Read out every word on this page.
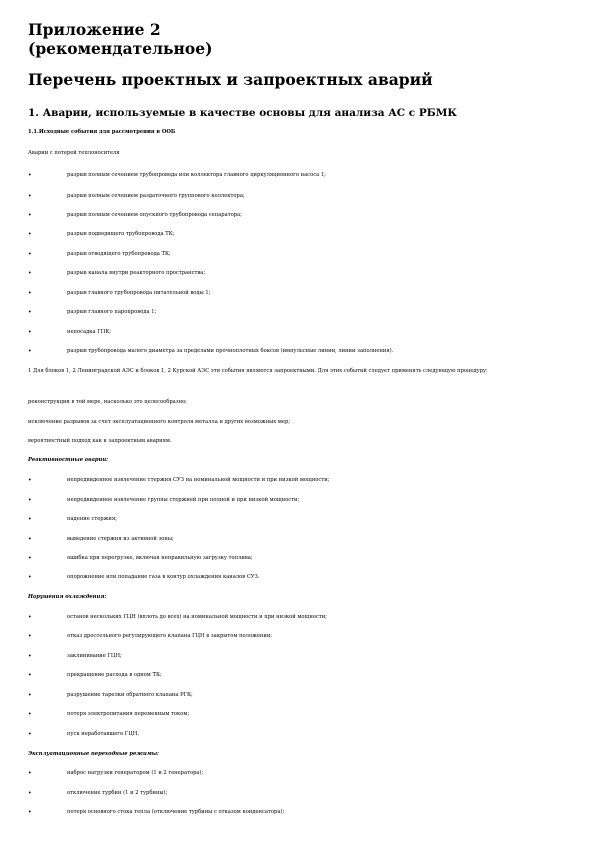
Приложение 2
(рекомендательное)
Перечень проектных и запроектных аварий
1. Аварии, используемые в качестве основы для анализа АС с РБМК
1.1.Исходные события для рассмотрения в ООБ
Аварии с потерей теплоносителя
•	разрыв полным сечением трубопровода или коллектора главного циркуляционного насоса 1;
•	разрыв полным сечением раздаточного группового коллектора;
•	разрыв полным сечением опускного трубопровода сепаратора;
•	разрыв подводящего трубопровода ТК;
•	разрыв отводящего трубопровода ТК;
•	разрыв канала внутри реакторного пространства;
•	разрыв главного трубопровода питательной воды 1;
•	разрыв главного паропровода 1;
•	непосадка ГПК;
•	разрыв трубопровода малого диаметра за пределами прочноплотных боксов (импульсные линии, линии заполнения).
1 Для блоков 1, 2 Ленинградской АЭС и блоков 1, 2 Курской АЭС эти события являются запроектными. Для этих событий следует применять следующую процедуру:
реконструкция в той мере, насколько это целесообразно;
исключение разрывов за счет эксплуатационного контроля металла и других возможных мер;
вероятностный подход как к запроектным авариям.
Реактивностные аварии:
•	непредвиденное извлечение стержня СУЗ на номинальной мощности и при низкой мощности;
•	непредвиденное извлечение группы стержней при полной и при низкой мощности;
•	падение стержня;
•	выведение стержня из активной зоны;
•	ошибка при перегрузке, включая неправильную загрузку топлива;
•	опорожнение или попадание газа в контур охлаждения каналов СУЗ.
Нарушения охлаждения:
•	останов нескольких ГЦН (вплоть до всех) на номинальной мощности и при низкой мощности;
•	отказ дроссельного регулирующего клапана ГЦН в закрытом положении;
•	заклинивание ГЦН;
•	прекращение расхода в одном ТК;
•	разрушение тарелки обратного клапана РГК;
•	потеря электропитания переменным током;
•	пуск неработавшего ГЦН.
Эксплуатационные переходные режимы:
•	наброс нагрузки генератором (1 и 2 генератора);
•	отключение турбин (1 и 2 турбины);
•	потеря основного стока тепла (отключение турбины с отказом конденсатора);
